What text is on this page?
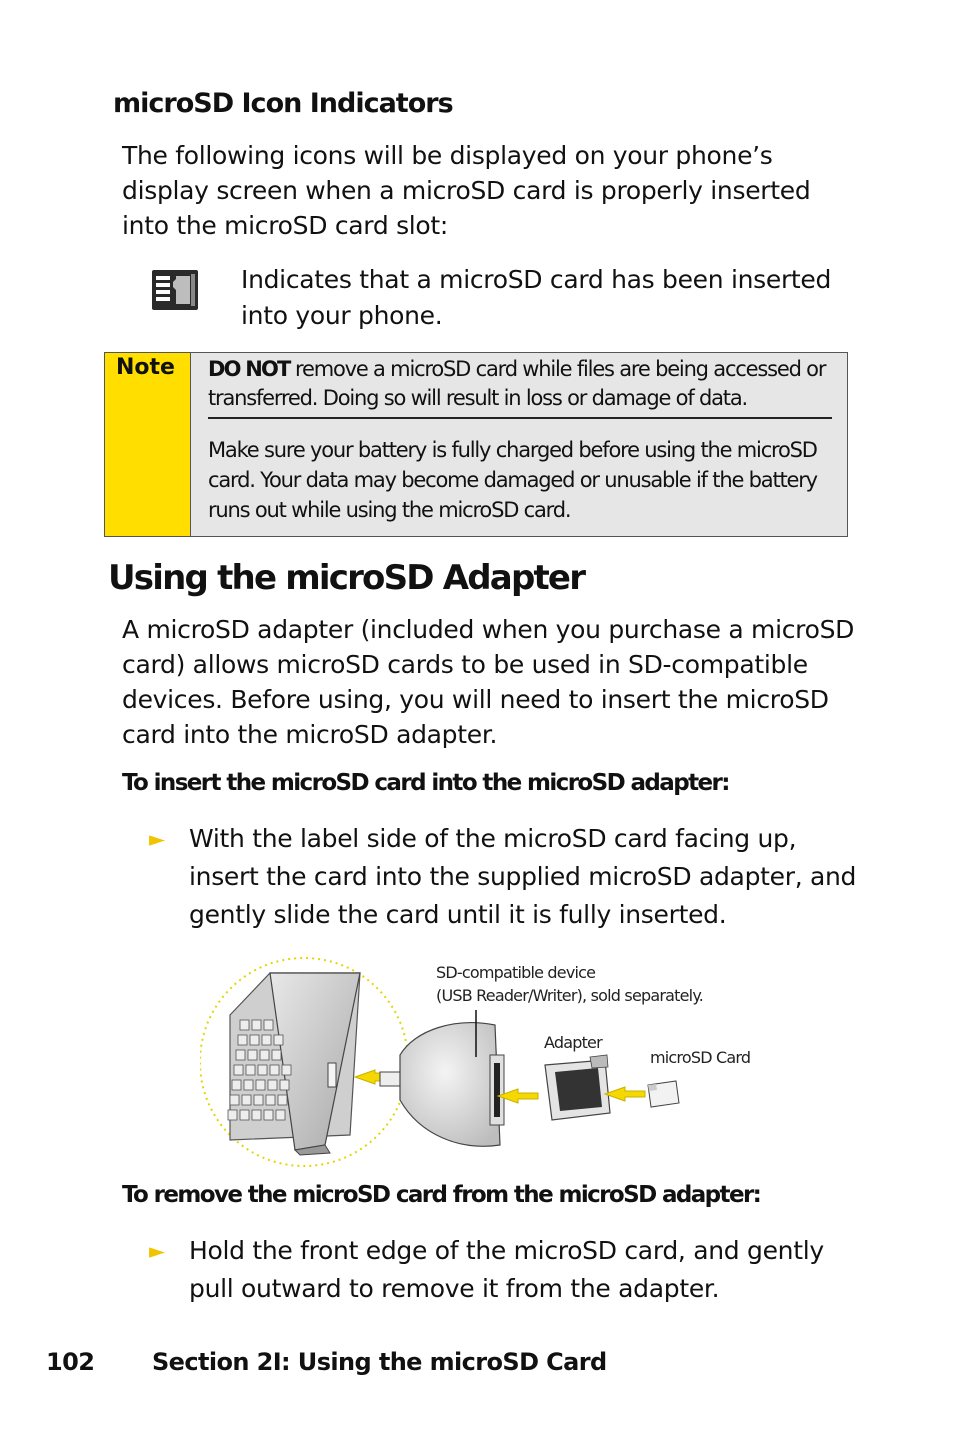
microSD Icon Indicators
The following icons will be displayed on your phone’s display screen when a microSD card is properly inserted into the microSD card slot:
Indicates that a microSD card has been inserted into your phone.
Note DO NOT remove a microSD card while files are being accessed or transferred. Doing so will result in loss or damage of data.
Make sure your battery is fully charged before using the microSD card. Your data may become damaged or unusable if the battery runs out while using the microSD card.
Using the microSD Adapter
A microSD adapter (included when you purchase a microSD card) allows microSD cards to be used in SD-compatible devices. Before using, you will need to insert the microSD card into the microSD adapter.
To insert the microSD card into the microSD adapter:
► With the label side of the microSD card facing up, insert the card into the supplied microSD adapter, and gently slide the card until it is fully inserted.
SD-compatible device
(USB Reader/Writer), sold separately.
Adapter
microSD Card
To remove the microSD card from the microSD adapter:
► Hold the front edge of the microSD card, and gently pull outward to remove it from the adapter.
102 Section 2I: Using the microSD Card
